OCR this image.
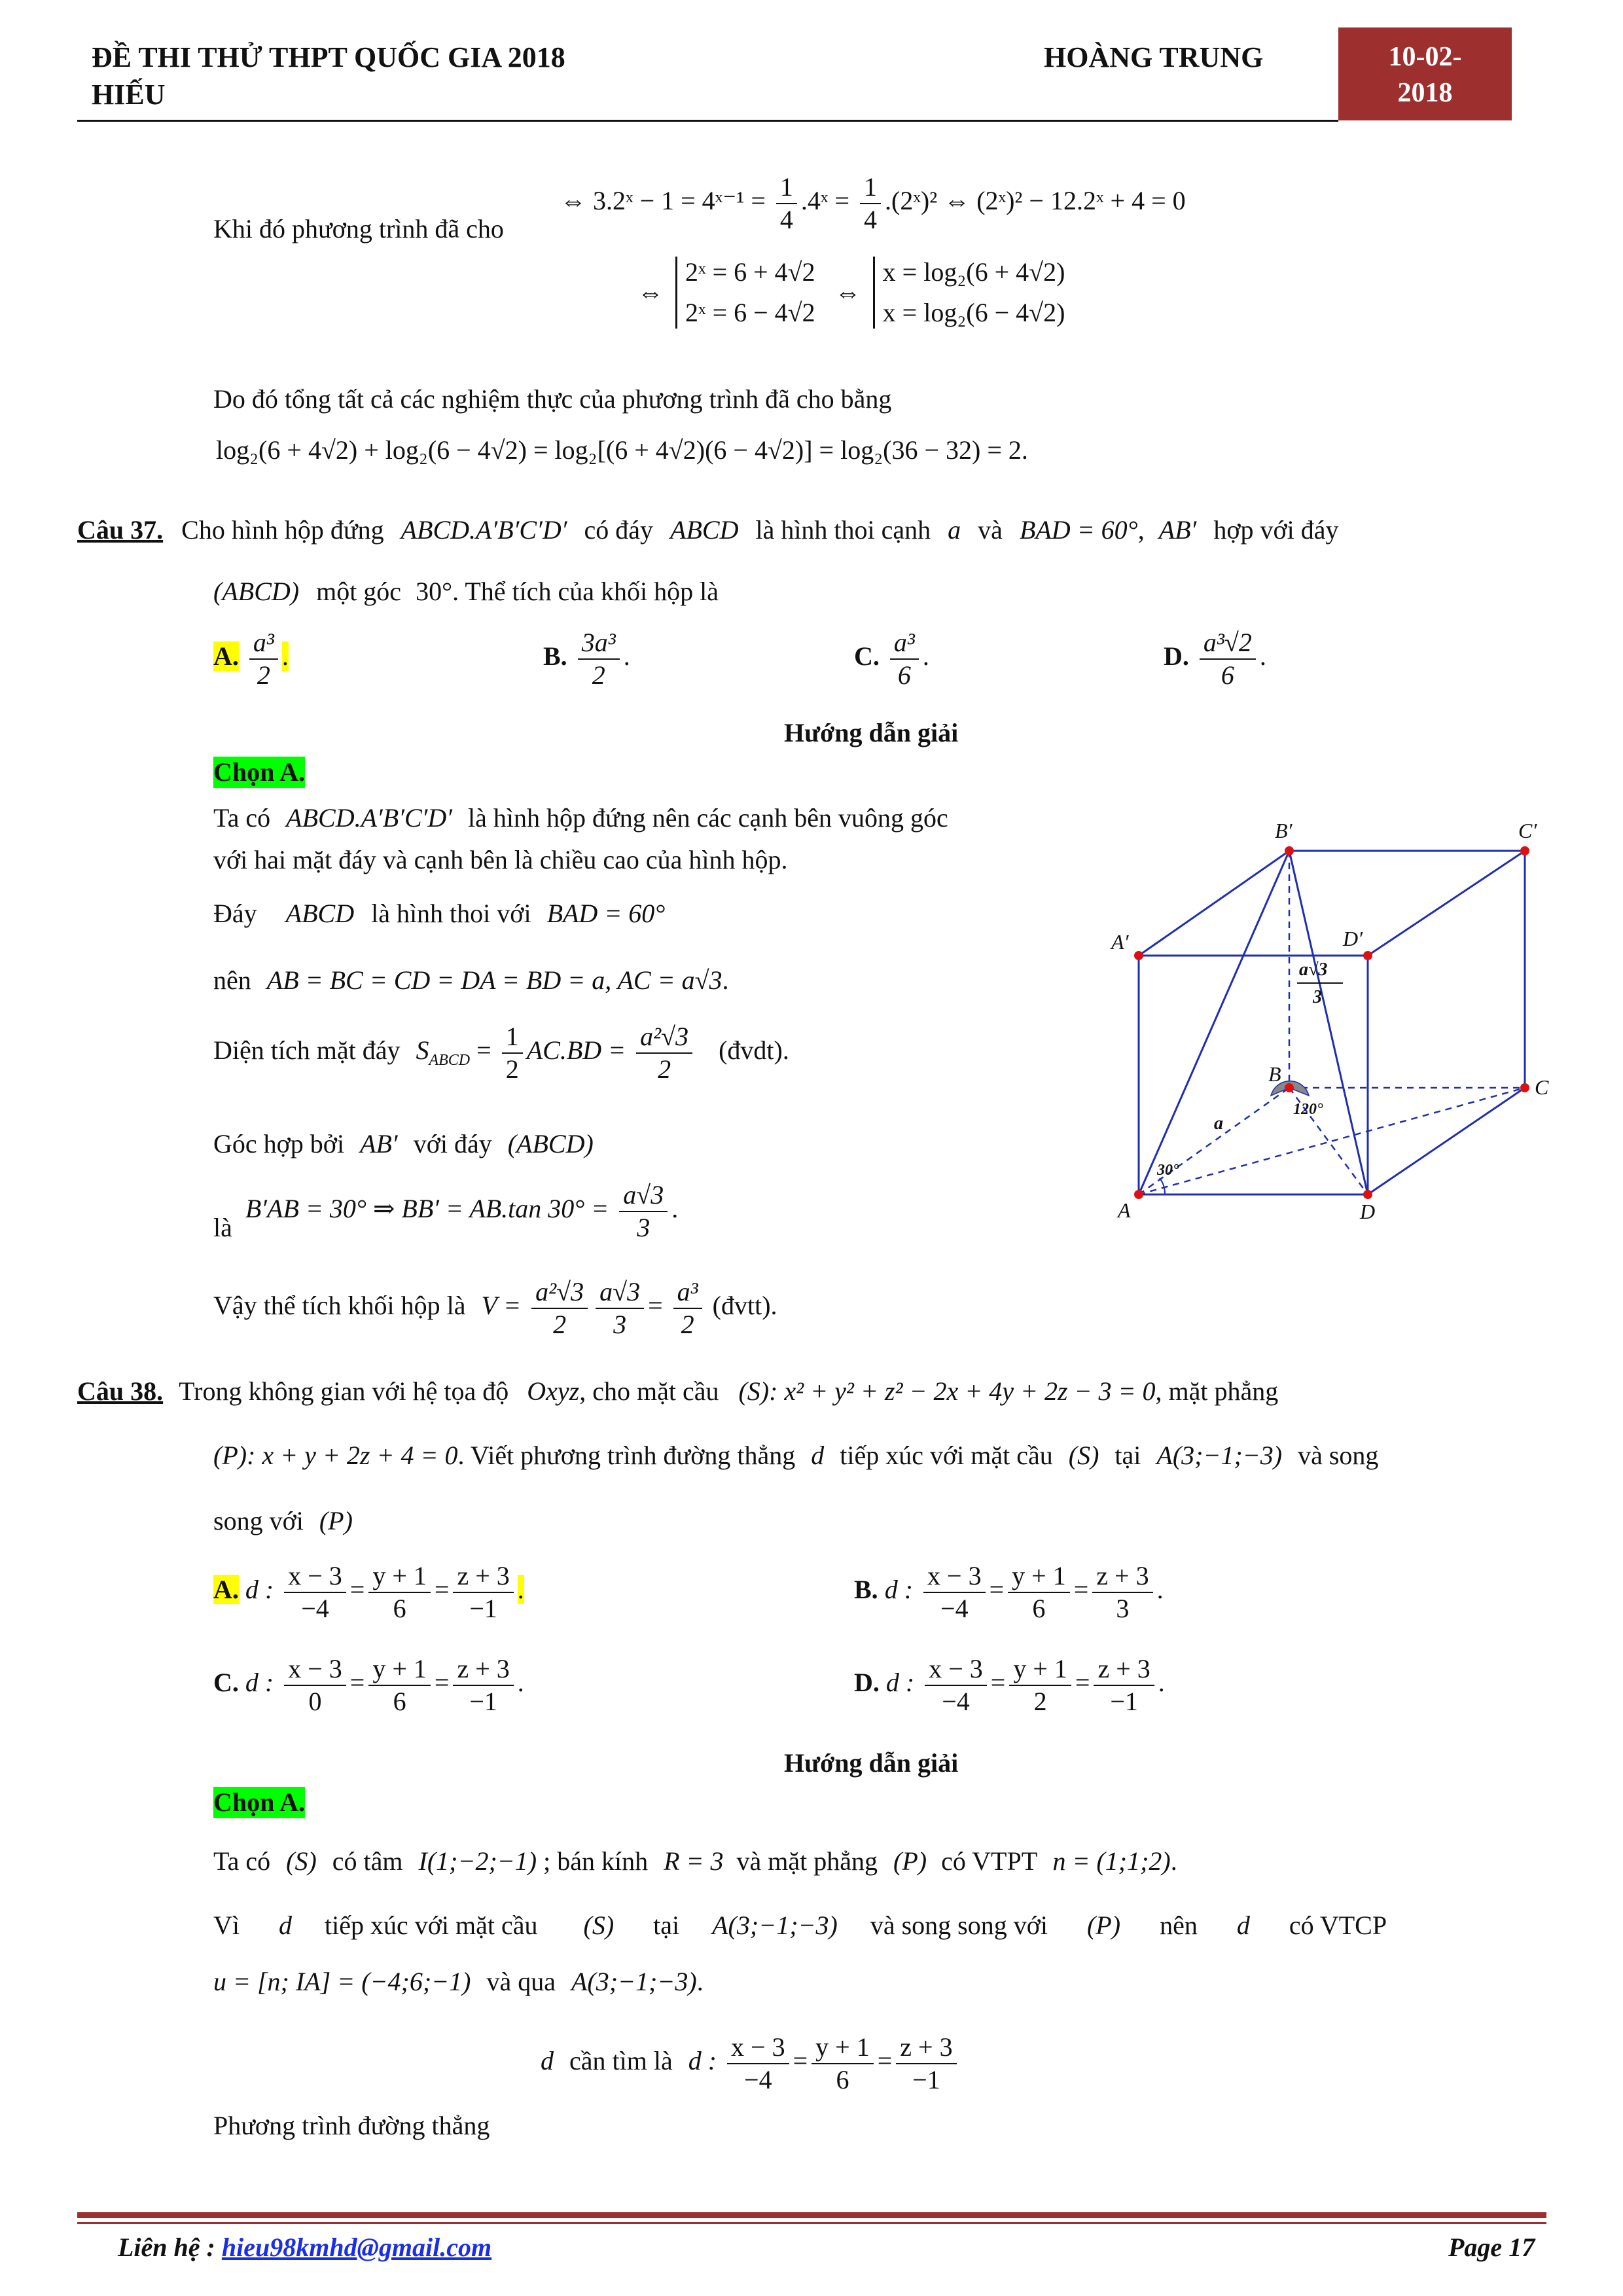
ĐỀ THI THỬ THPT QUỐC GIA 2018
HIẾU
HOÀNG TRUNG	10-02-
2018
⇔ 3.2ˣ − 1 = 4ˣ⁻¹ = $\frac{1}{4}$ .4ˣ = $\frac{1}{4}$ .(2ˣ)² ⇔ (2ˣ)² − 12.2ˣ + 4 = 0
Khi đó phương trình đã cho
⇔
2ˣ = 6 + 4√2
2ˣ = 6 − 4√2
⇔
x = log₂(6 + 4√2)
x = log₂(6 − 4√2)
Do đó tổng tất cả các nghiệm thực của phương trình đã cho bằng
log₂(6 + 4√2) + log₂(6 − 4√2) = log₂[(6 + 4√2)(6 − 4√2)] = log₂(36 − 32) = 2.
Câu 37. Cho hình hộp đứng ABCD.A′B′C′D′ có đáy ABCD là hình thoi cạnh a và BAD = 60°, AB′ hợp với đáy
(ABCD) một góc 30°. Thể tích của khối hộp là
A. $\frac{\text{a³}}{2}$ .	B. $\frac{\text{3a³}}{2}$ .	C. $\frac{\text{a³}}{6}$ .	D. $\frac{\text{a³√2}}{6}$ .
Hướng dẫn giải
Chọn A.
Ta có ABCD.A′B′C′D′ là hình hộp đứng nên các cạnh bên vuông góc
với hai mặt đáy và cạnh bên là chiều cao của hình hộp.
Đáy ABCD là hình thoi với BAD = 60°
nên AB = BC = CD = DA = BD = a, AC = a√3.
Diện tích mặt đáy $S_{ABCD} = \frac{1}{2} AC.BD = \frac{\text{a²√3}}{2}$ (đvdt).
Góc hợp bởi AB′ với đáy (ABCD)
là B′AB = 30° ⇒ BB′ = AB.tan $30^\circ = \frac{a√3}{3}$ .
Vậy thể tích khối hộp là $V = \frac{\text{a²√3}}{2} \frac{a√3}{3} = \frac{\text{a³}}{2}$ (đvtt).
B′	C′
A′	D′
B
C
A	D
a√3
3
a
120°
30°
Câu 38. Trong không gian với hệ tọa độ Oxyz, cho mặt cầu (S): x² + y² + z² − 2x + 4y + 2z − 3 = 0, mặt phẳng
(P): x + y + 2z + 4 = 0. Viết phương trình đường thẳng d tiếp xúc với mặt cầu (S) tại A(3;−1;−3) và song
song với (P)
A. d : $\frac{x - 3}{-4} = \frac{y + 1}{6} = \frac{z + 3}{-1}$ .	B. d : $\frac{x - 3}{-4} = \frac{y + 1}{6} = \frac{z + 3}{3}$ .
C. d : $\frac{x - 3}{0} = \frac{y + 1}{6} = \frac{z + 3}{-1}$ .	D. d : $\frac{x - 3}{-4} = \frac{y + 1}{2} = \frac{z + 3}{-1}$ .
Hướng dẫn giải
Chọn A.
Ta có (S) có tâm I(1;−2;−1) ; bán kính R = 3 và mặt phẳng (P) có VTPT n = (1;1;2).
Vì d tiếp xúc với mặt cầu (S) tại A(3;−1;−3) và song song với (P) nên d có VTCP
u = [n; IA] = (−4;6;−1) và qua A(3;−1;−3).
d cần tìm là d : $\frac{x - 3}{-4} = \frac{y + 1}{6} = \frac{z + 3}{-1}$
Phương trình đường thẳng
Liên hệ : hieu98kmhd@gmail.com	Page 17
